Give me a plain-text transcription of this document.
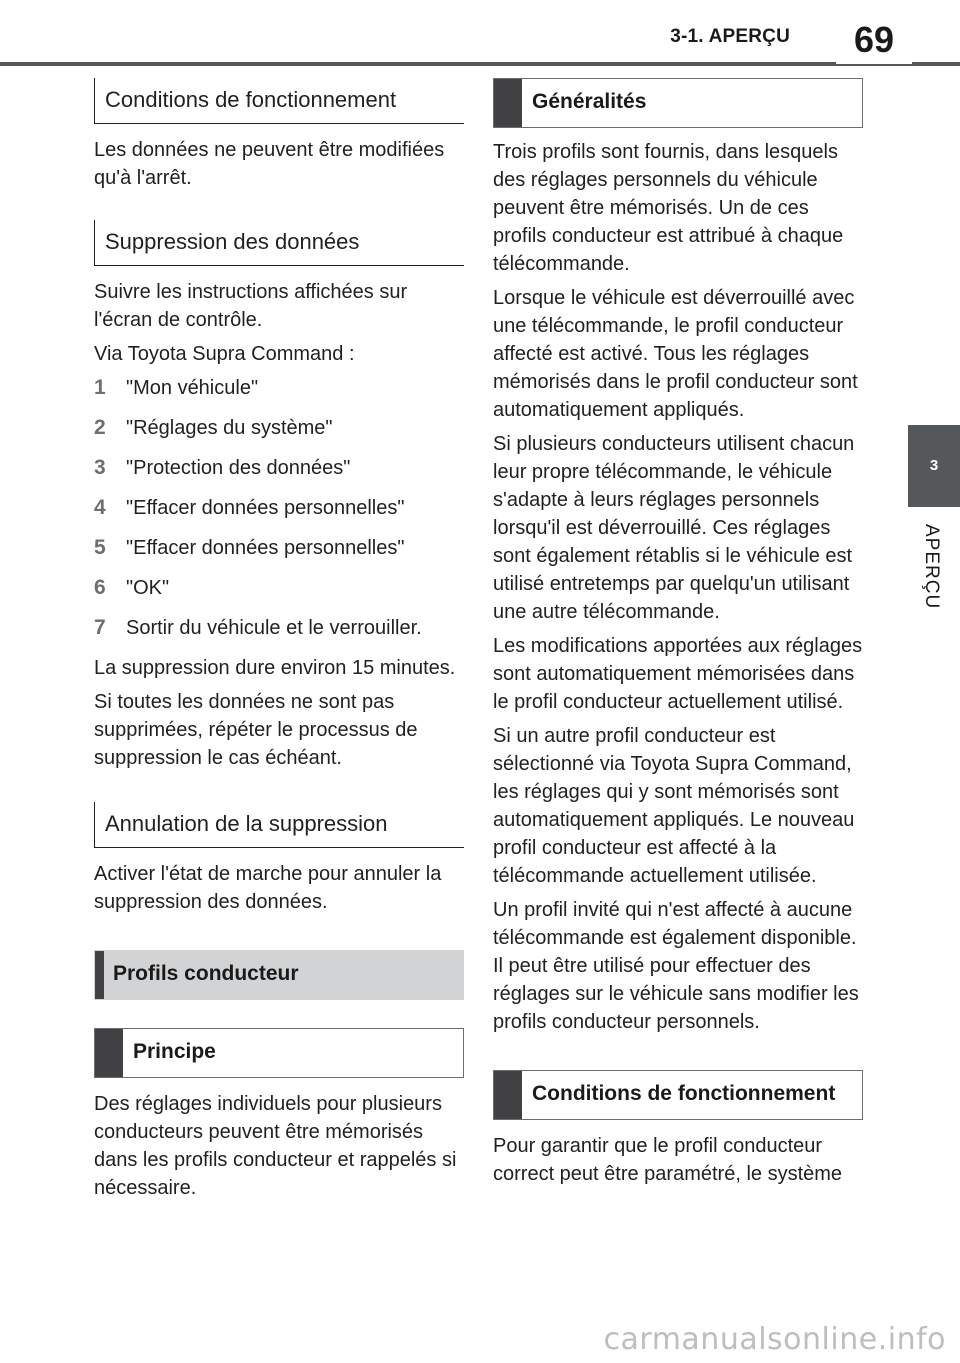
3-1. APERÇU	69
3
APERÇU
Conditions de fonctionnement

Les données ne peuvent être modifiées qu'à l'arrêt.

Suppression des données

Suivre les instructions affichées sur l'écran de contrôle.

Via Toyota Supra Command :

1	"Mon véhicule"
2	"Réglages du système"
3	"Protection des données"
4	"Effacer données personnelles"
5	"Effacer données personnelles"
6	"OK"
7	Sortir du véhicule et le verrouiller.

La suppression dure environ 15 minutes.

Si toutes les données ne sont pas supprimées, répéter le processus de suppression le cas échéant.

Annulation de la suppression

Activer l'état de marche pour annuler la suppression des données.

Profils conducteur
Principe

Des réglages individuels pour plusieurs conducteurs peuvent être mémorisés dans les profils conducteur et rappelés si nécessaire.

Généralités

Trois profils sont fournis, dans lesquels des réglages personnels du véhicule peuvent être mémorisés. Un de ces profils conducteur est attribué à chaque télécommande.

Lorsque le véhicule est déverrouillé avec une télécommande, le profil conducteur affecté est activé. Tous les réglages mémorisés dans le profil conducteur sont automatiquement appliqués.

Si plusieurs conducteurs utilisent chacun leur propre télécommande, le véhicule s'adapte à leurs réglages personnels lorsqu'il est déverrouillé. Ces réglages sont également rétablis si le véhicule est utilisé entretemps par quelqu'un utilisant une autre télécommande.

Les modifications apportées aux réglages sont automatiquement mémorisées dans le profil conducteur actuellement utilisé.

Si un autre profil conducteur est sélectionné via Toyota Supra Command, les réglages qui y sont mémorisés sont automatiquement appliqués. Le nouveau profil conducteur est affecté à la télécommande actuellement utilisée.

Un profil invité qui n'est affecté à aucune télécommande est également disponible. Il peut être utilisé pour effectuer des réglages sur le véhicule sans modifier les profils conducteur personnels.

Conditions de fonctionnement

Pour garantir que le profil conducteur correct peut être paramétré, le système

carmanualsonline.info
